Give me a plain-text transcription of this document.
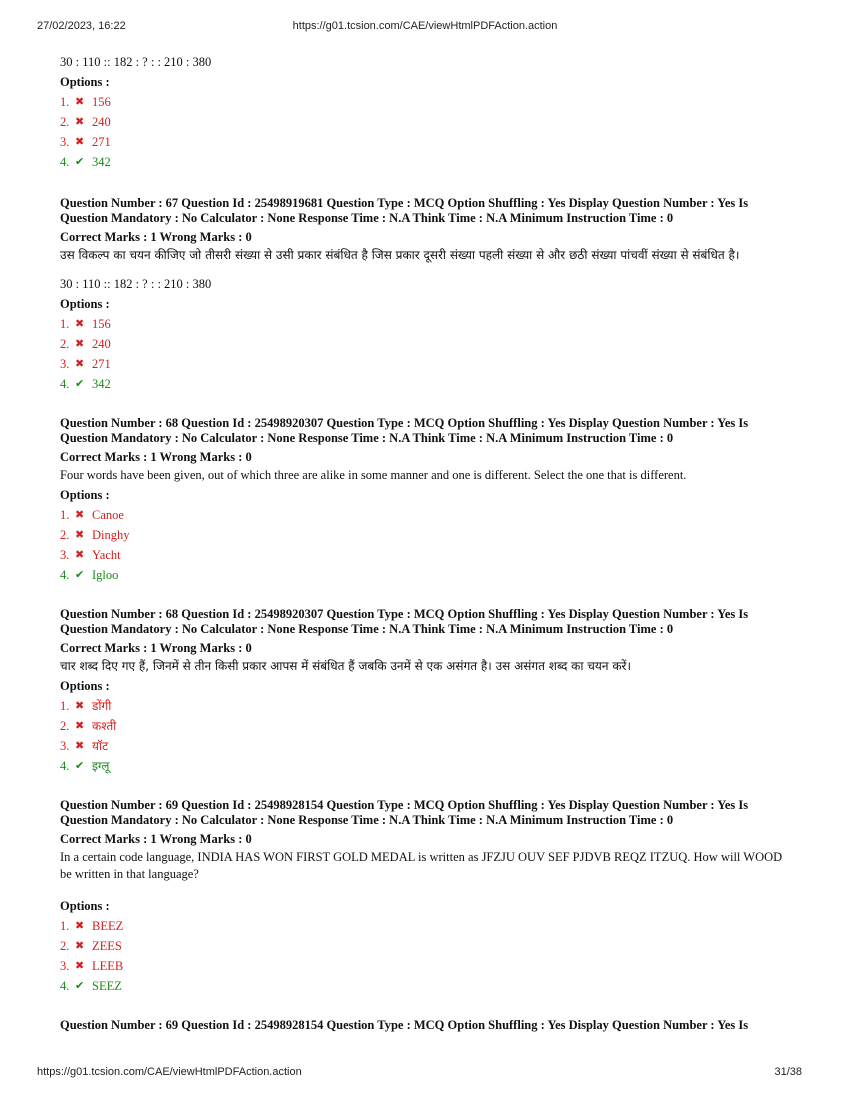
27/02/2023, 16:22	https://g01.tcsion.com/CAE/viewHtmlPDFAction.action
30 : 110 :: 182 : ? : : 210 : 380
Options :
1. ✖ 156
2. ✖ 240
3. ✖ 271
4. ✔ 342
Question Number : 67 Question Id : 25498919681 Question Type : MCQ Option Shuffling : Yes Display Question Number : Yes Is Question Mandatory : No Calculator : None Response Time : N.A Think Time : N.A Minimum Instruction Time : 0
Correct Marks : 1 Wrong Marks : 0
उस विकल्प का चयन कीजिए जो तीसरी संख्या से उसी प्रकार संबंधित है जिस प्रकार दूसरी संख्या पहली संख्या से और छठी संख्या पांचवीं संख्या से संबंधित है।
30 : 110 :: 182 : ? : : 210 : 380
Options :
1. ✖ 156
2. ✖ 240
3. ✖ 271
4. ✔ 342
Question Number : 68 Question Id : 25498920307 Question Type : MCQ Option Shuffling : Yes Display Question Number : Yes Is Question Mandatory : No Calculator : None Response Time : N.A Think Time : N.A Minimum Instruction Time : 0
Correct Marks : 1 Wrong Marks : 0
Four words have been given, out of which three are alike in some manner and one is different. Select the one that is different.
Options :
1. ✖ Canoe
2. ✖ Dinghy
3. ✖ Yacht
4. ✔ Igloo
Question Number : 68 Question Id : 25498920307 Question Type : MCQ Option Shuffling : Yes Display Question Number : Yes Is Question Mandatory : No Calculator : None Response Time : N.A Think Time : N.A Minimum Instruction Time : 0
Correct Marks : 1 Wrong Marks : 0
चार शब्द दिए गए हैं, जिनमें से तीन किसी प्रकार आपस में संबंधित हैं जबकि उनमें से एक असंगत है। उस असंगत शब्द का चयन करें।
Options :
1. ✖ डोंगी
2. ✖ कश्ती
3. ✖ यॉट
4. ✔ इग्लू
Question Number : 69 Question Id : 25498928154 Question Type : MCQ Option Shuffling : Yes Display Question Number : Yes Is Question Mandatory : No Calculator : None Response Time : N.A Think Time : N.A Minimum Instruction Time : 0
Correct Marks : 1 Wrong Marks : 0
In a certain code language, INDIA HAS WON FIRST GOLD MEDAL is written as JFZJU OUV SEF PJDVB REQZ ITZUQ. How will WOOD be written in that language?
Options :
1. ✖ BEEZ
2. ✖ ZEES
3. ✖ LEEB
4. ✔ SEEZ
Question Number : 69 Question Id : 25498928154 Question Type : MCQ Option Shuffling : Yes Display Question Number : Yes Is
https://g01.tcsion.com/CAE/viewHtmlPDFAction.action	31/38
